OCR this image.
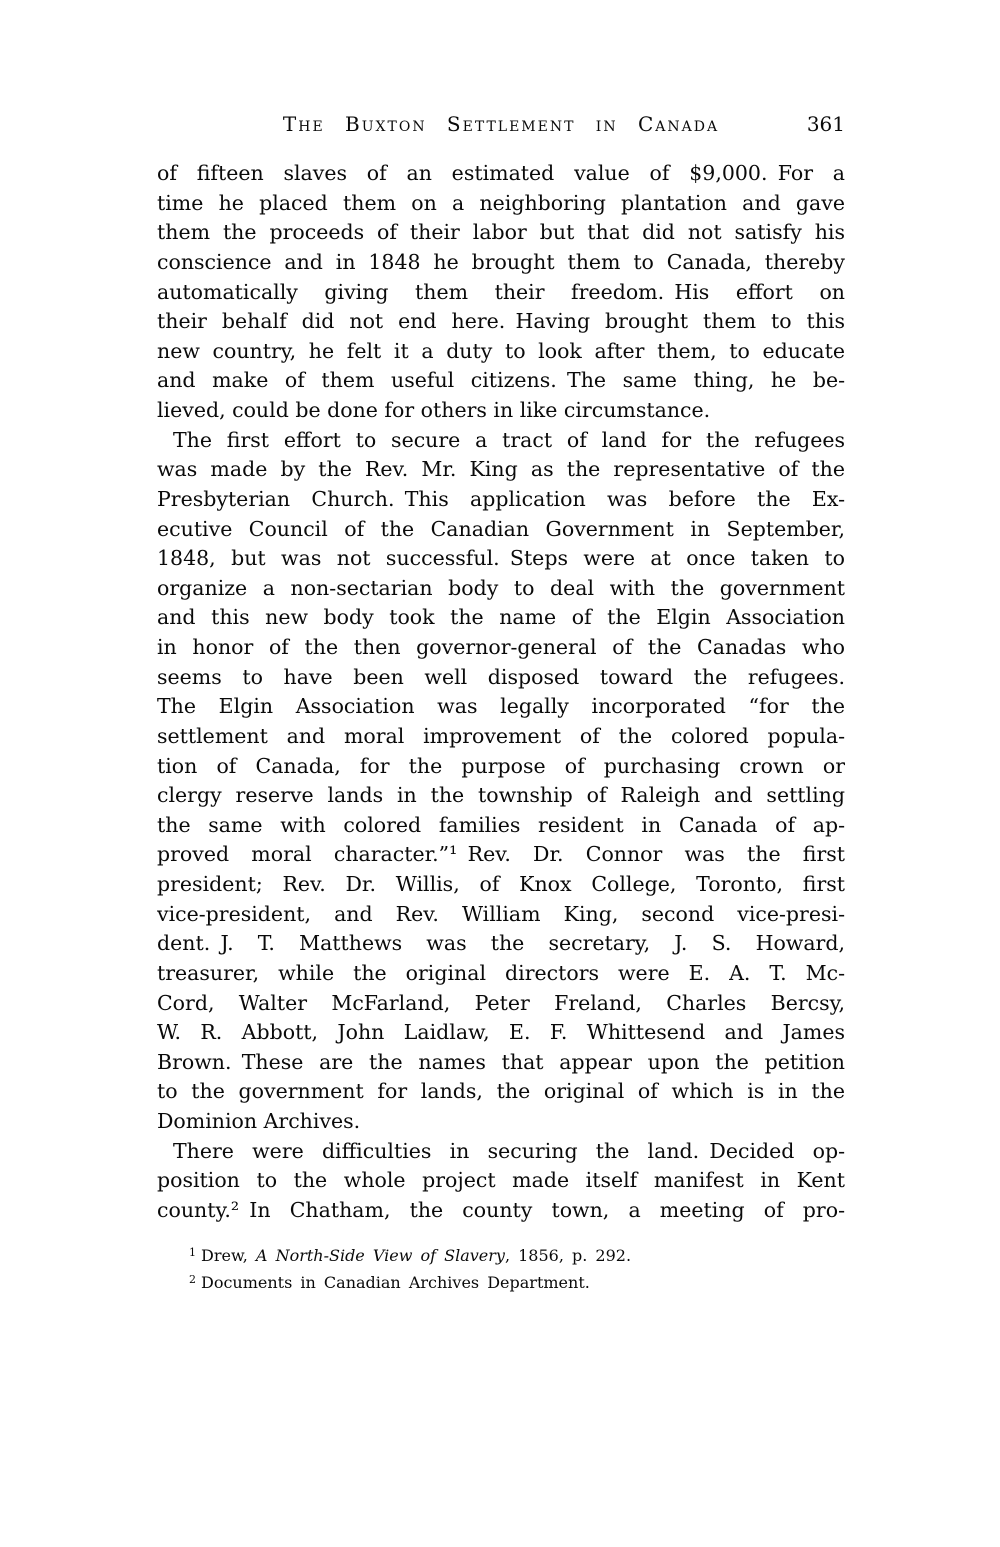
The Buxton Settlement in Canada	361
of fifteen slaves of an estimated value of $9,000. For a
time he placed them on a neighboring plantation and gave
them the proceeds of their labor but that did not satisfy his
conscience and in 1848 he brought them to Canada, thereby
automatically giving them their freedom. His effort on
their behalf did not end here. Having brought them to this
new country, he felt it a duty to look after them, to educate
and make of them useful citizens. The same thing, he be-
lieved, could be done for others in like circumstance.
The first effort to secure a tract of land for the refugees
was made by the Rev. Mr. King as the representative of the
Presbyterian Church. This application was before the Ex-
ecutive Council of the Canadian Government in September,
1848, but was not successful. Steps were at once taken to
organize a non-sectarian body to deal with the government
and this new body took the name of the Elgin Association
in honor of the then governor-general of the Canadas who
seems to have been well disposed toward the refugees.
The Elgin Association was legally incorporated “for the
settlement and moral improvement of the colored popula-
tion of Canada, for the purpose of purchasing crown or
clergy reserve lands in the township of Raleigh and settling
the same with colored families resident in Canada of ap-
proved moral character.”¹ Rev. Dr. Connor was the first
president; Rev. Dr. Willis, of Knox College, Toronto, first
vice-president, and Rev. William King, second vice-presi-
dent. J. T. Matthews was the secretary, J. S. Howard,
treasurer, while the original directors were E. A. T. Mc-
Cord, Walter McFarland, Peter Freland, Charles Bercsy,
W. R. Abbott, John Laidlaw, E. F. Whittesend and James
Brown. These are the names that appear upon the petition
to the government for lands, the original of which is in the
Dominion Archives.
There were difficulties in securing the land. Decided op-
position to the whole project made itself manifest in Kent
county.² In Chatham, the county town, a meeting of pro-
$^1$ Drew, A North-Side View of Slavery, 1856, p. 292.
$^2$ Documents in Canadian Archives Department.
